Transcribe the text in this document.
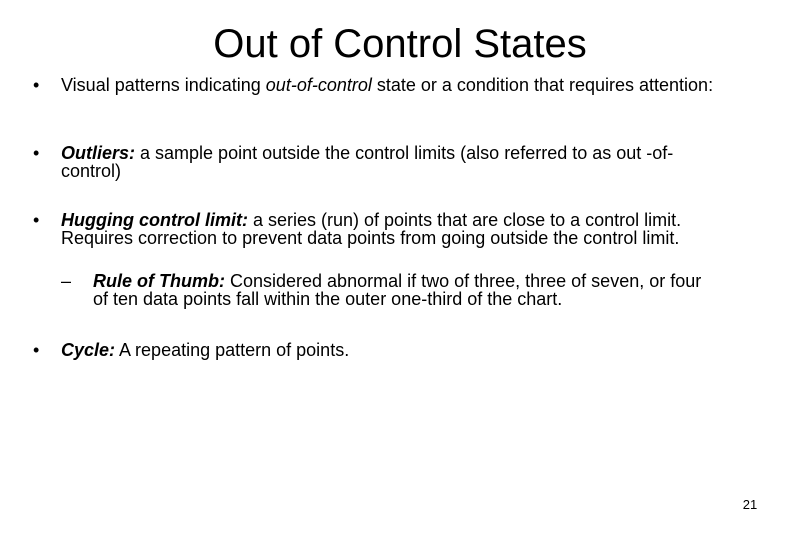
Out of Control States
• Visual patterns indicating out-of-control state or a condition that requires attention:
• Outliers: a sample point outside the control limits (also referred to as out -of-control)
• Hugging control limit: a series (run) of points that are close to a control limit. Requires correction to prevent data points from going outside the control limit.
– Rule of Thumb: Considered abnormal if two of three, three of seven, or four of ten data points fall within the outer one-third of the chart.
• Cycle: A repeating pattern of points.
21
